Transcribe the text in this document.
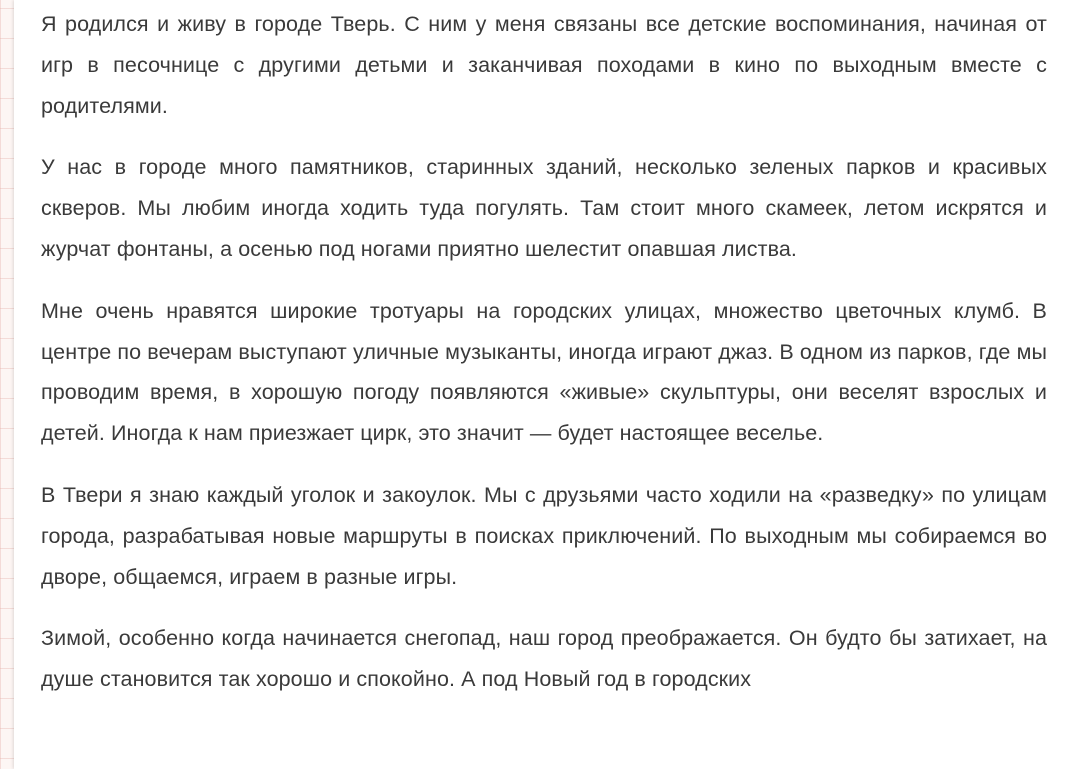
Я родился и живу в городе Тверь. С ним у меня связаны все детские воспоминания, начиная от игр в песочнице с другими детьми и заканчивая походами в кино по выходным вместе с родителями.

У нас в городе много памятников, старинных зданий, несколько зеленых парков и красивых скверов. Мы любим иногда ходить туда погулять. Там стоит много скамеек, летом искрятся и журчат фонтаны, а осенью под ногами приятно шелестит опавшая листва.

Мне очень нравятся широкие тротуары на городских улицах, множество цветочных клумб. В центре по вечерам выступают уличные музыканты, иногда играют джаз. В одном из парков, где мы проводим время, в хорошую погоду появляются «живые» скульптуры, они веселят взрослых и детей. Иногда к нам приезжает цирк, это значит — будет настоящее веселье.

В Твери я знаю каждый уголок и закоулок. Мы с друзьями часто ходили на «разведку» по улицам города, разрабатывая новые маршруты в поисках приключений. По выходным мы собираемся во дворе, общаемся, играем в разные игры.

Зимой, особенно когда начинается снегопад, наш город преображается. Он будто бы затихает, на душе становится так хорошо и спокойно. А под Новый год в городских
